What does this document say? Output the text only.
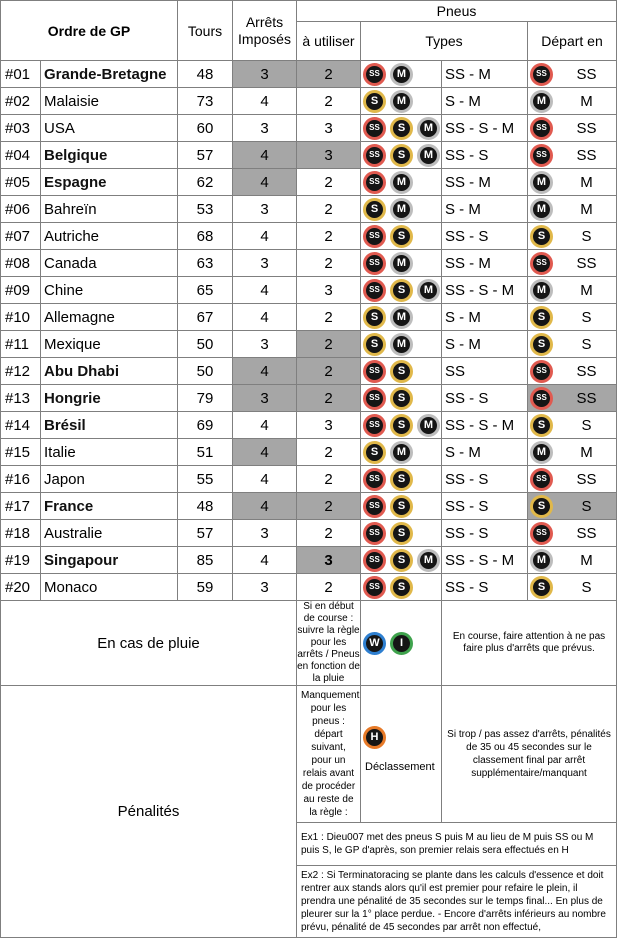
Ordre de GP		Tours	Arrêts Imposés	Pneus			
				à utiliser	Types		Départ en
#01	Grande-Bretagne	48	3	2	SS M	SS - M	SS SS

#02	Malaisie	73	4	2	S M	S - M	M M

#03	USA	60	3	3	SS S M	SS - S - M	SS SS

#04	Belgique	57	4	3	SS S M	SS - S	SS SS

#05	Espagne	62	4	2	SS M	SS - M	M M

#06	Bahreïn	53	3	2	S M	S - M	M M

#07	Autriche	68	4	2	SS S	SS - S	S S

#08	Canada	63	3	2	SS M	SS - M	SS SS

#09	Chine	65	4	3	SS S M	SS - S - M	M M

#10	Allemagne	67	4	2	S M	S - M	S S

#11	Mexique	50	3	2	S M	S - M	S S

#12	Abu Dhabi	50	4	2	SS S	SS	SS SS

#13	Hongrie	79	3	2	SS S	SS - S	SS SS

#14	Brésil	69	4	3	SS S M	SS - S - M	S S

#15	Italie	51	4	2	S M	S - M	M M

#16	Japon	55	4	2	SS S	SS - S	SS SS

#17	France	48	4	2	SS S	SS - S	S S

#18	Australie	57	3	2	SS S	SS - S	SS SS

#19	Singapour	85	4	3	SS S M	SS - S - M	M M

#20	Monaco	59	3	2	SS S	SS - S	S S

En cas de pluie				Si en début de course : suivre la règle pour les arrêts / Pneus en fonction de la pluie	W I	En course, faire attention à ne pas faire plus d'arrêts que prévus.	
Pénalités				Manquement pour les pneus : départ suivant, pour un relais avant de procéder au reste de la règle :	H
Déclassement	Si trop / pas assez d'arrêts, pénalités de 35 ou 45 secondes sur le classement final par arrêt supplémentaire/manquant	
				Ex1 : Dieu007 met des pneus S puis M au lieu de M puis SS ou M puis S, le GP d'après, son premier relais sera effectués en H			
				Ex2 : Si Terminatoracing se plante dans les calculs d'essence et doit rentrer aux stands alors qu'il est premier pour refaire le plein, il prendra une pénalité de 35 secondes sur le temps final... En plus de pleurer sur la 1° place perdue. - Encore d'arrêts inférieurs au nombre prévu, pénalité de 45 secondes par arrêt non effectué,			
